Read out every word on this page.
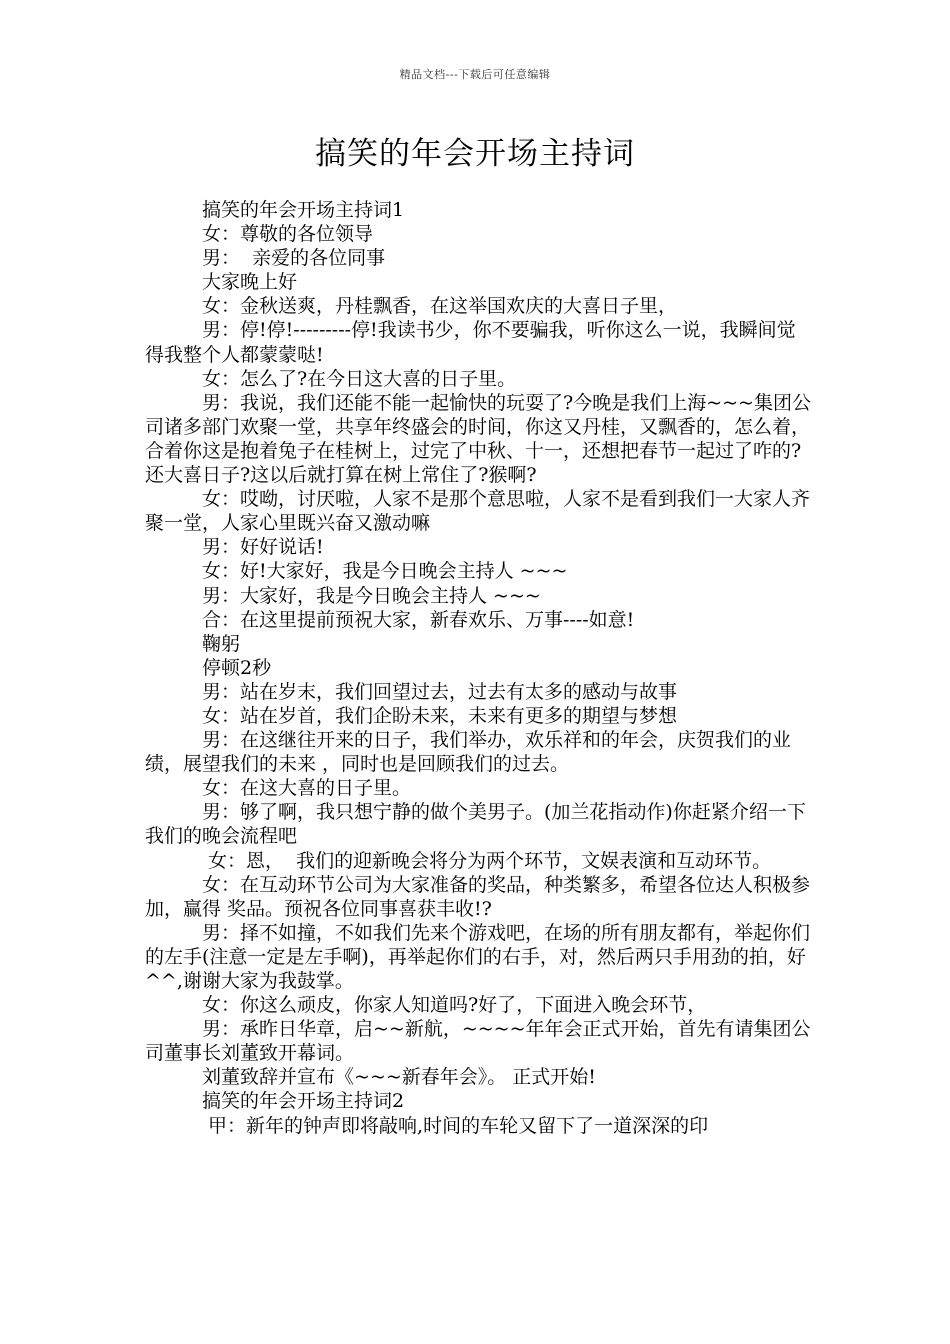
精品文档---下载后可任意编辑
搞笑的年会开场主持词

搞笑的年会开场主持词1

女：尊敬的各位领导

男：  亲爱的各位同事

大家晚上好

女：金秋送爽，丹桂飘香，在这举国欢庆的大喜日子里，

男：停!停!---------停!我读书少，你不要骗我，听你这么一说，我瞬间觉得我整个人都蒙蒙哒!

女：怎么了?在今日这大喜的日子里。

男：我说，我们还能不能一起愉快的玩耍了?今晚是我们上海~~~集团公司诸多部门欢聚一堂，共享年终盛会的时间，你这又丹桂，又飘香的，怎么着，合着你这是抱着兔子在桂树上，过完了中秋、十一，还想把春节一起过了咋的?还大喜日子?这以后就打算在树上常住了?猴啊?

女：哎呦，讨厌啦，人家不是那个意思啦，人家不是看到我们一大家人齐聚一堂，人家心里既兴奋又激动嘛

男：好好说话!

女：好!大家好，我是今日晚会主持人 ~~~

男：大家好，我是今日晚会主持人 ~~~

合：在这里提前预祝大家，新春欢乐、万事----如意!

鞠躬

停顿2秒

男：站在岁末，我们回望过去，过去有太多的感动与故事

女：站在岁首，我们企盼未来，未来有更多的期望与梦想

男：在这继往开来的日子，我们举办，欢乐祥和的年会，庆贺我们的业绩，展望我们的未来 ，同时也是回顾我们的过去。

女：在这大喜的日子里。

男：够了啊，我只想宁静的做个美男子。(加兰花指动作)你赶紧介绍一下我们的晚会流程吧

女：恩，  我们的迎新晚会将分为两个环节，文娱表演和互动环节。

女：在互动环节公司为大家准备的奖品，种类繁多，希望各位达人积极参加，赢得 奖品。预祝各位同事喜获丰收!?

男：择不如撞，不如我们先来个游戏吧，在场的所有朋友都有，举起你们的左手(注意一定是左手啊)，再举起你们的右手，对，然后两只手用劲的拍，好^^,谢谢大家为我鼓掌。

女：你这么顽皮，你家人知道吗?好了，下面进入晚会环节，

男：承昨日华章，启~~新航，~~~~年年会正式开始，首先有请集团公司董事长刘董致开幕词。

刘董致辞并宣布《~~~新春年会》。 正式开始!

搞笑的年会开场主持词2

甲：新年的钟声即将敲响,时间的车轮又留下了一道深深的印
